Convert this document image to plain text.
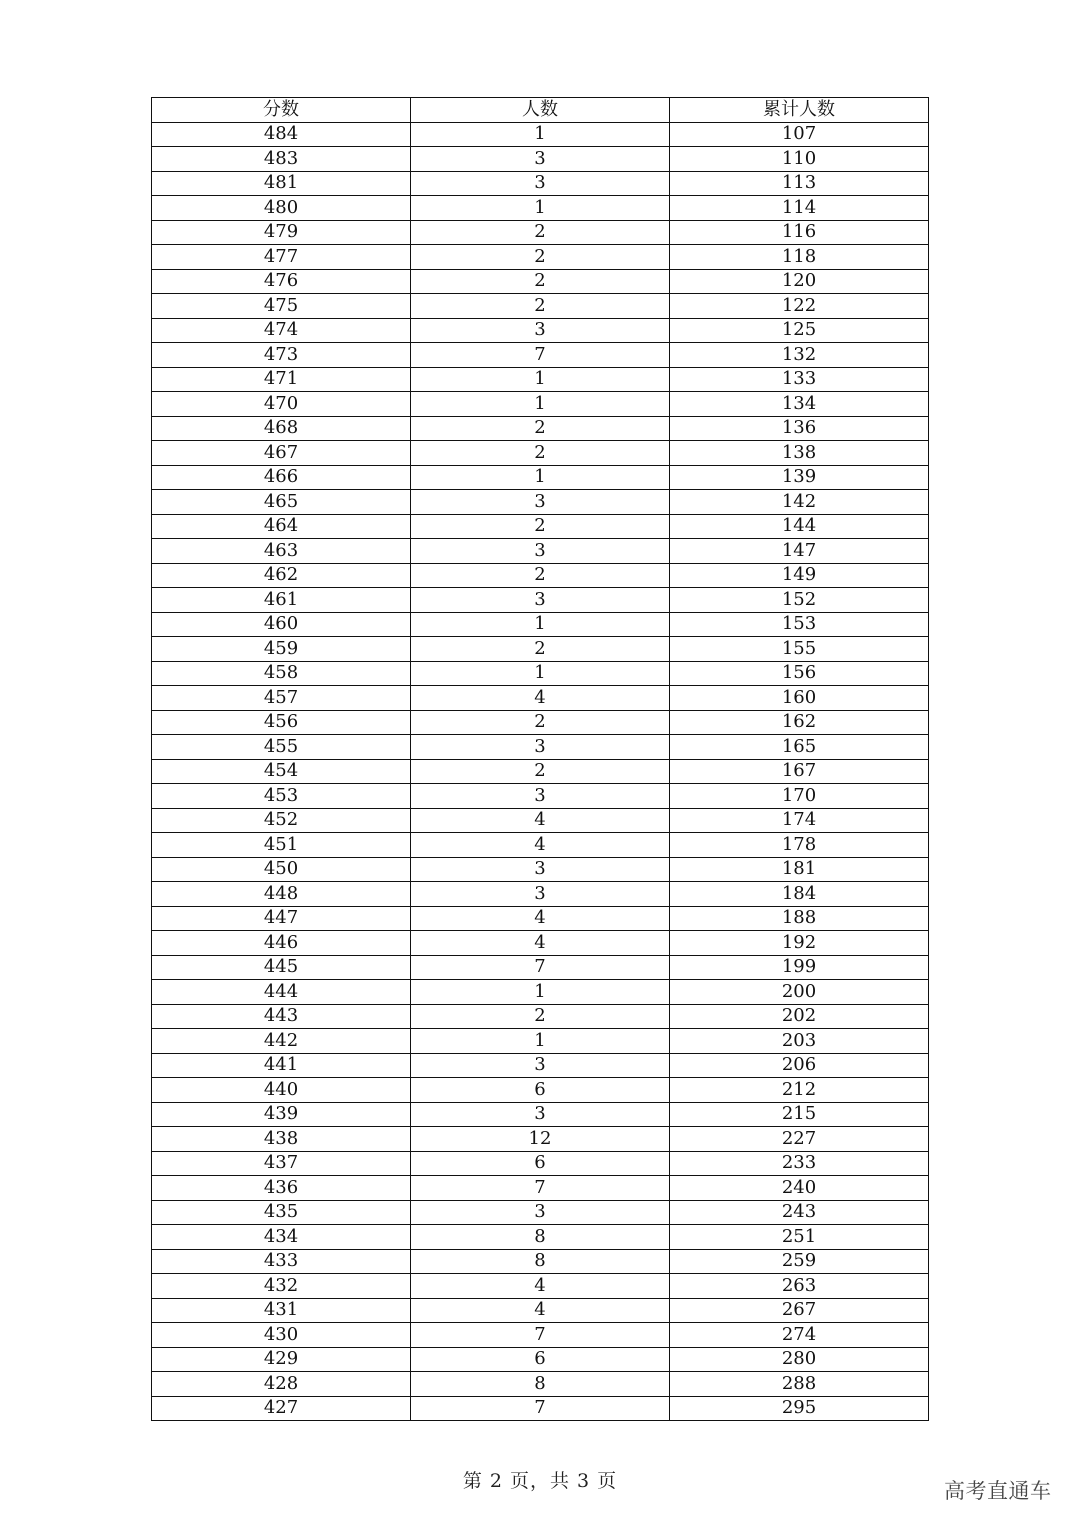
分数	人数	累计人数
484	1	107
483	3	110
481	3	113
480	1	114
479	2	116
477	2	118
476	2	120
475	2	122
474	3	125
473	7	132
471	1	133
470	1	134
468	2	136
467	2	138
466	1	139
465	3	142
464	2	144
463	3	147
462	2	149
461	3	152
460	1	153
459	2	155
458	1	156
457	4	160
456	2	162
455	3	165
454	2	167
453	3	170
452	4	174
451	4	178
450	3	181
448	3	184
447	4	188
446	4	192
445	7	199
444	1	200
443	2	202
442	1	203
441	3	206
440	6	212
439	3	215
438	12	227
437	6	233
436	7	240
435	3	243
434	8	251
433	8	259
432	4	263
431	4	267
430	7	274
429	6	280
428	8	288
427	7	295
第 2 页，共 3 页	高考直通车
